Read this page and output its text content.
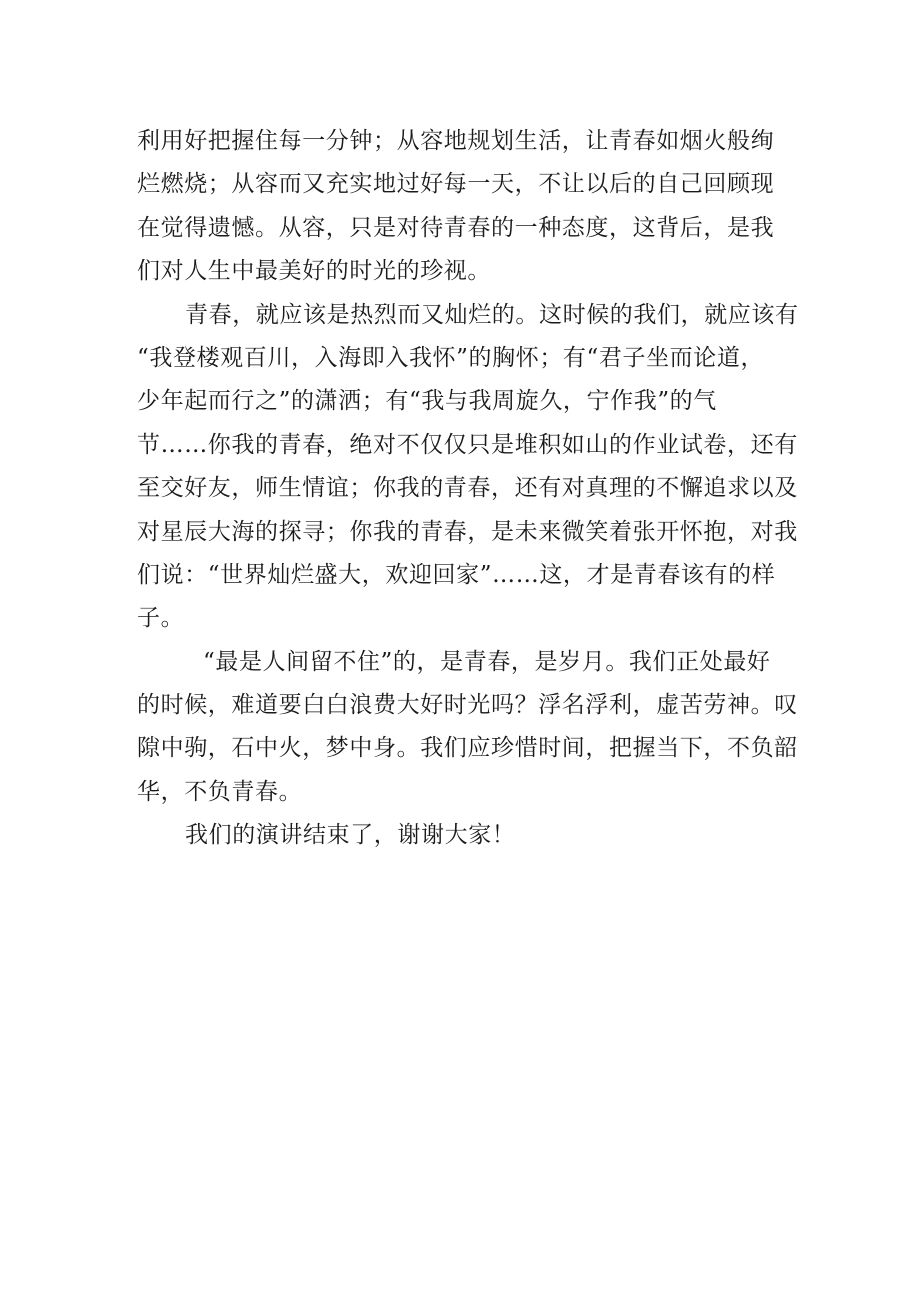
利用好把握住每一分钟；从容地规划生活，让青春如烟火般绚
烂燃烧；从容而又充实地过好每一天，不让以后的自己回顾现
在觉得遗憾。从容，只是对待青春的一种态度，这背后，是我
们对人生中最美好的时光的珍视。
青春，就应该是热烈而又灿烂的。这时候的我们，就应该有
“我登楼观百川，入海即入我怀”的胸怀；有“君子坐而论道，
少年起而行之”的潇洒；有“我与我周旋久，宁作我”的气
节……你我的青春，绝对不仅仅只是堆积如山的作业试卷，还有
至交好友，师生情谊；你我的青春，还有对真理的不懈追求以及
对星辰大海的探寻；你我的青春，是未来微笑着张开怀抱，对我
们说：“世界灿烂盛大，欢迎回家”……这，才是青春该有的样
子。
“最是人间留不住”的，是青春，是岁月。我们正处最好
的时候，难道要白白浪费大好时光吗？浮名浮利，虚苦劳神。叹
隙中驹，石中火，梦中身。我们应珍惜时间，把握当下，不负韶
华，不负青春。
我们的演讲结束了，谢谢大家！
